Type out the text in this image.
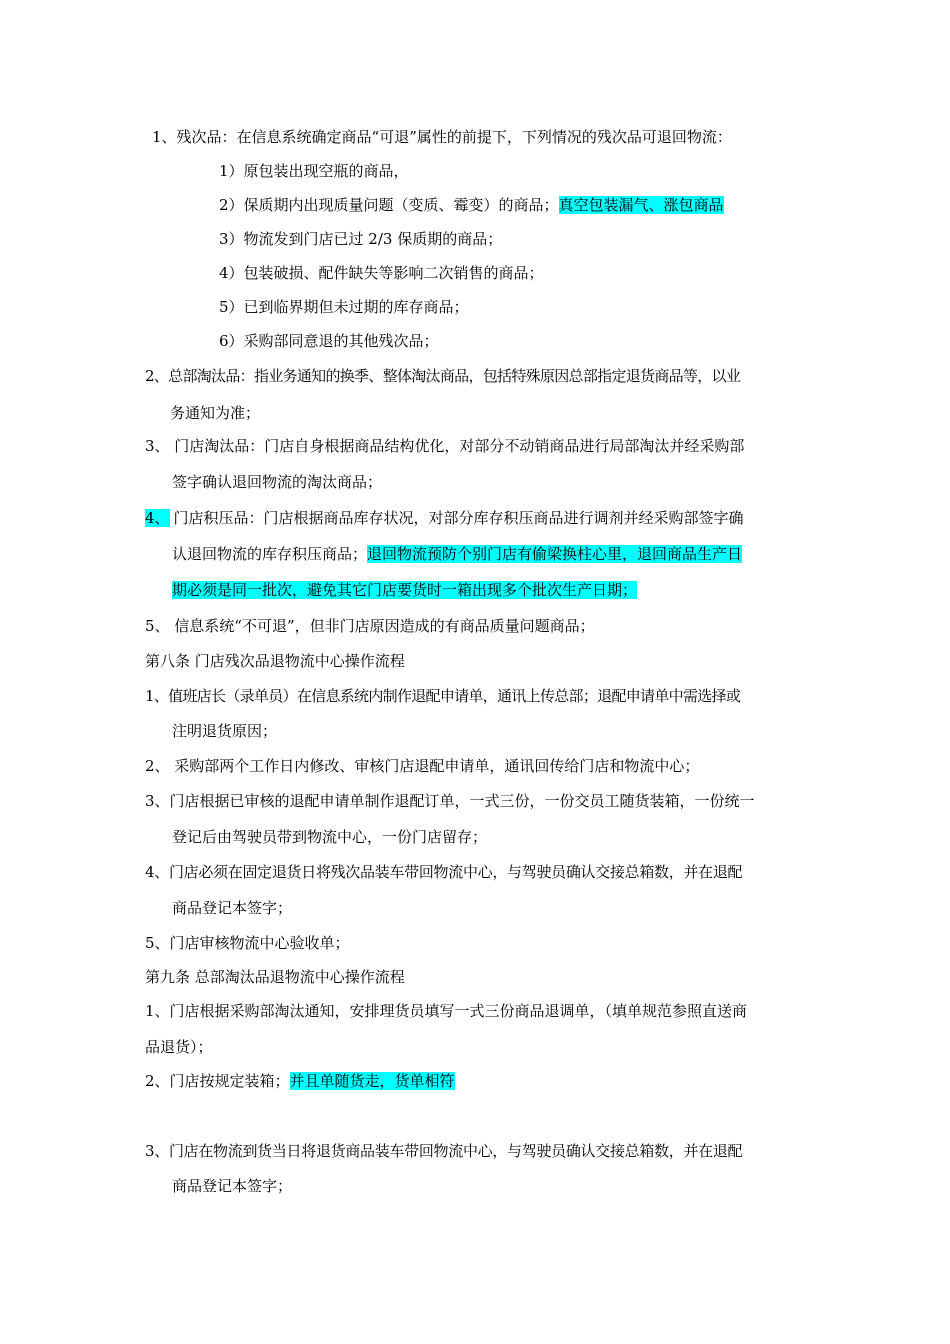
1、残次品：在信息系统确定商品“可退”属性的前提下，下列情况的残次品可退回物流：
1）原包装出现空瓶的商品，
2）保质期内出现质量问题（变质、霉变）的商品；真空包装漏气、涨包商品
3）物流发到门店已过 2/3 保质期的商品；
4）包装破损、配件缺失等影响二次销售的商品；
5）已到临界期但未过期的库存商品；
6）采购部同意退的其他残次品；
2、总部淘汰品：指业务通知的换季、整体淘汰商品，包括特殊原因总部指定退货商品等，以业
务通知为准；
3、 门店淘汰品：门店自身根据商品结构优化，对部分不动销商品进行局部淘汰并经采购部
签字确认退回物流的淘汰商品；
4、 门店积压品：门店根据商品库存状况，对部分库存积压商品进行调剂并经采购部签字确
认退回物流的库存积压商品；退回物流预防个别门店有偷梁换柱心里，退回商品生产日
期必须是同一批次，避免其它门店要货时一箱出现多个批次生产日期；
5、 信息系统“不可退”，但非门店原因造成的有商品质量问题商品；
第八条 门店残次品退物流中心操作流程
1、值班店长（录单员）在信息系统内制作退配申请单，通讯上传总部；退配申请单中需选择或
注明退货原因；
2、 采购部两个工作日内修改、审核门店退配申请单，通讯回传给门店和物流中心；
3、门店根据已审核的退配申请单制作退配订单，一式三份，一份交员工随货装箱，一份统一
登记后由驾驶员带到物流中心，一份门店留存；
4、门店必须在固定退货日将残次品装车带回物流中心，与驾驶员确认交接总箱数，并在退配
商品登记本签字；
5、门店审核物流中心验收单；
第九条 总部淘汰品退物流中心操作流程
1、门店根据采购部淘汰通知，安排理货员填写一式三份商品退调单，（填单规范参照直送商
品退货）；
2、门店按规定装箱；并且单随货走，货单相符
3、门店在物流到货当日将退货商品装车带回物流中心，与驾驶员确认交接总箱数，并在退配
商品登记本签字；
